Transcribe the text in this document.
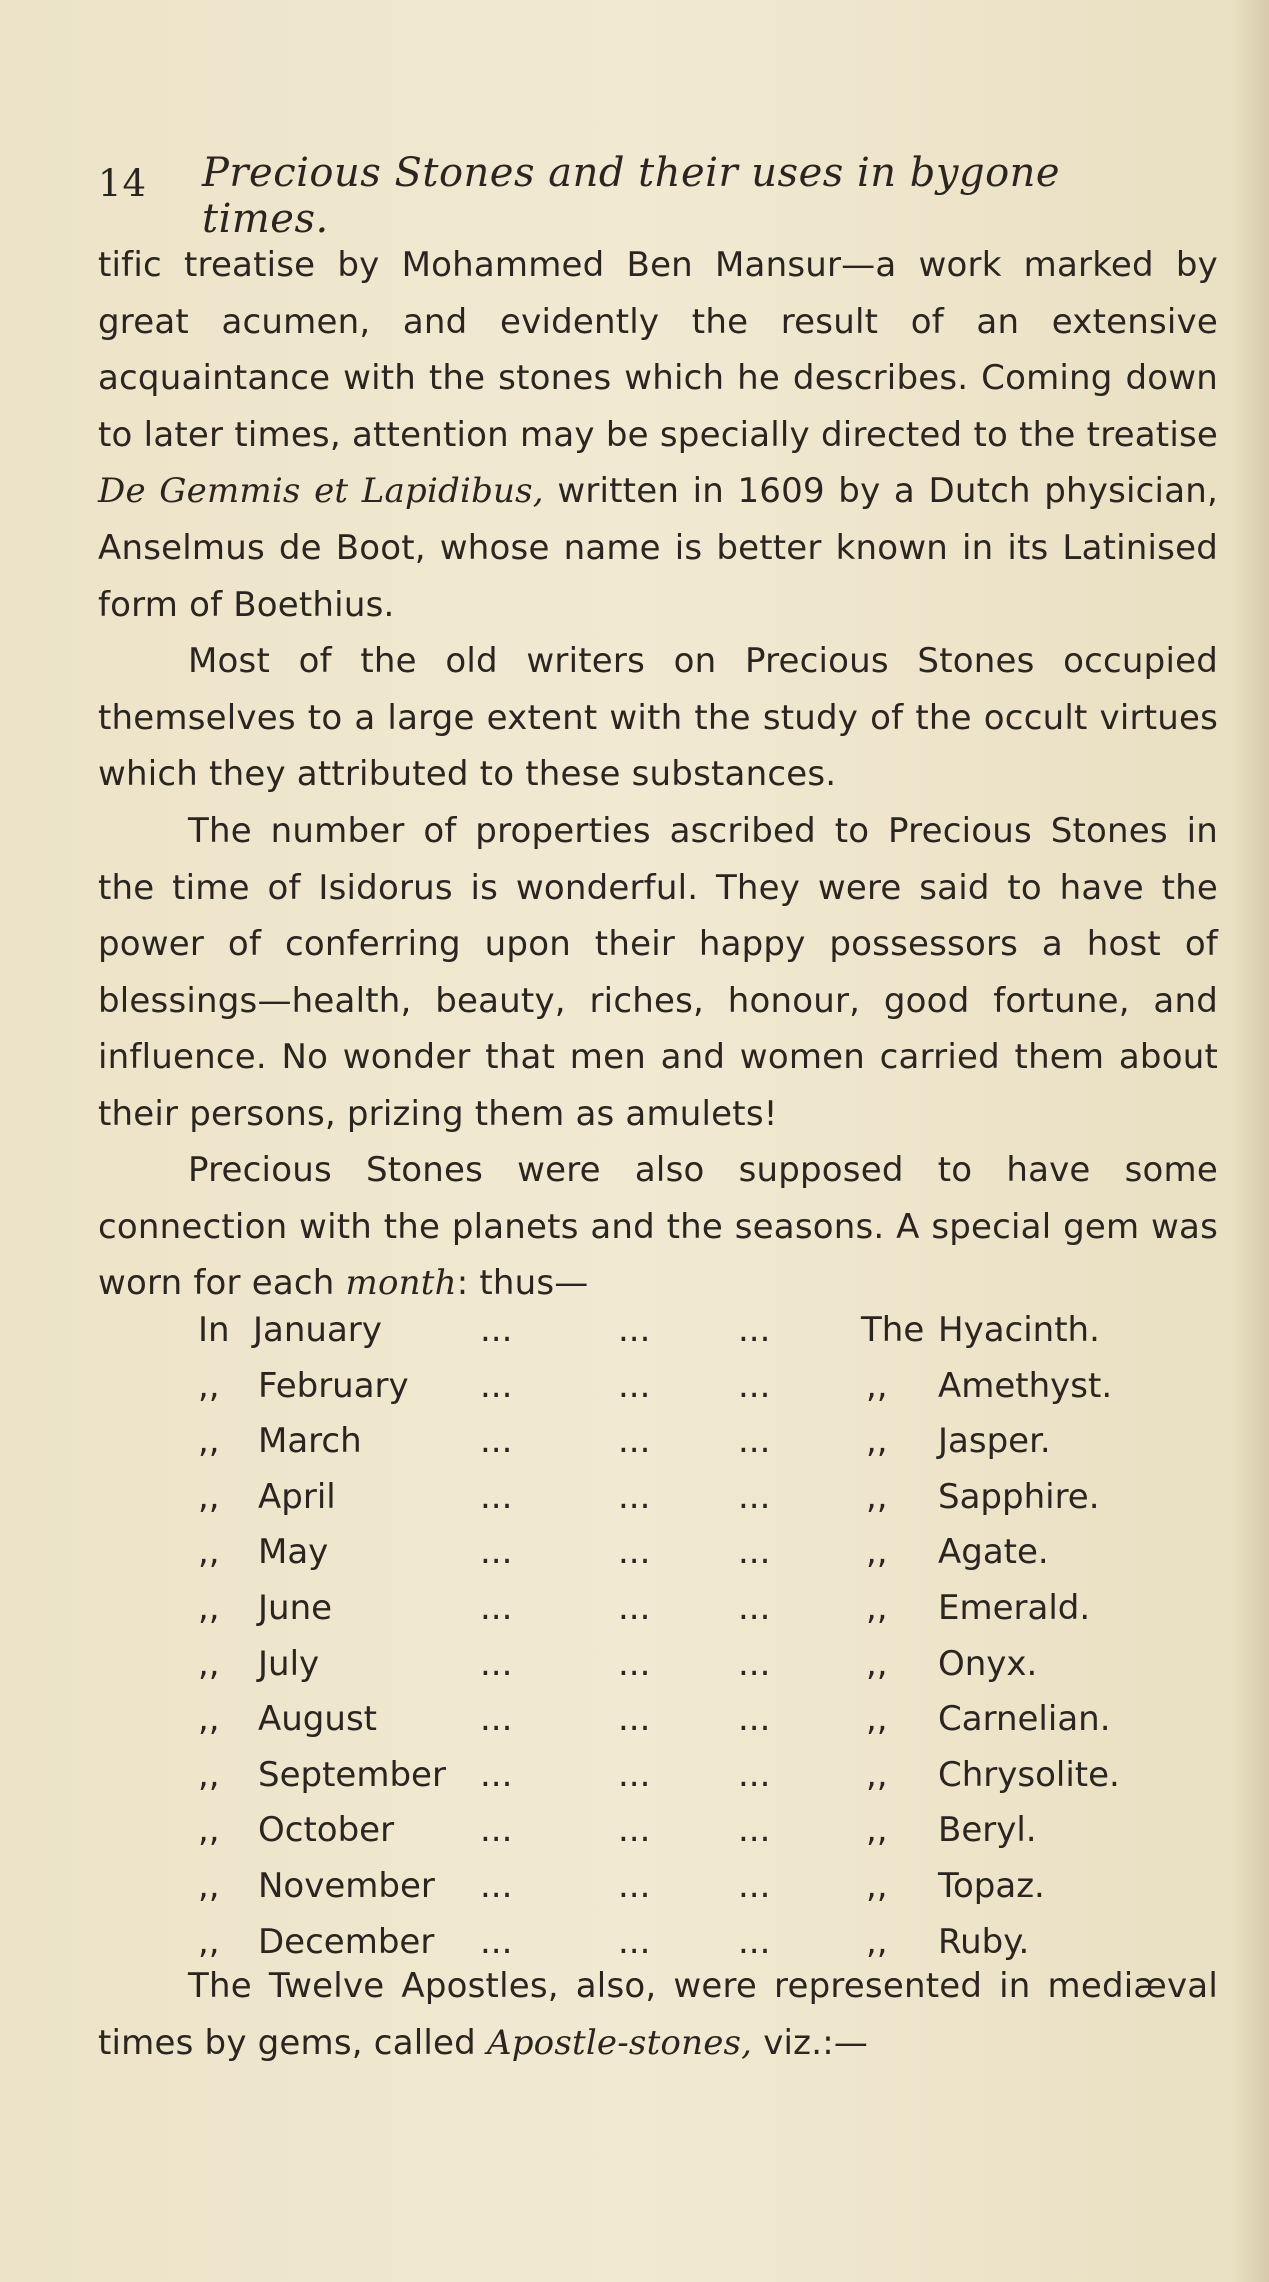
14 Precious Stones and their uses in bygone times.

tific treatise by Mohammed Ben Mansur—a work marked by great acumen, and evidently the result of an extensive acquaintance with the stones which he describes. Coming down to later times, attention may be specially directed to the treatise De Gemmis et Lapidibus, written in 1609 by a Dutch physician, Anselmus de Boot, whose name is better known in its Latinised form of Boethius.

Most of the old writers on Precious Stones occupied themselves to a large extent with the study of the occult virtues which they attributed to these substances.

The number of properties ascribed to Precious Stones in the time of Isidorus is wonderful. They were said to have the power of conferring upon their happy possessors a host of blessings—health, beauty, riches, honour, good fortune, and influence. No wonder that men and women carried them about their persons, prizing them as amulets!

Precious Stones were also supposed to have some connection with the planets and the seasons. A special gem was worn for each month: thus—

In January	...	...	...	The Hyacinth.
,, February ...	...	...	,, Amethyst.
,, March	...	...	...	,, Jasper.
,, April	...	...	...	,, Sapphire.
,, May	...	...	...	,, Agate.
,, June	...	...	...	,, Emerald.
,, July	...	...	...	,, Onyx.
,, August	...	...	...	,, Carnelian.
,, September ...	...	...	,, Chrysolite.
,, October	...	...	...	,, Beryl.
,, November ...	...	...	,, Topaz.
,, December ...	...	...	,, Ruby.

The Twelve Apostles, also, were represented in mediæval times by gems, called Apostle-stones, viz.:—
